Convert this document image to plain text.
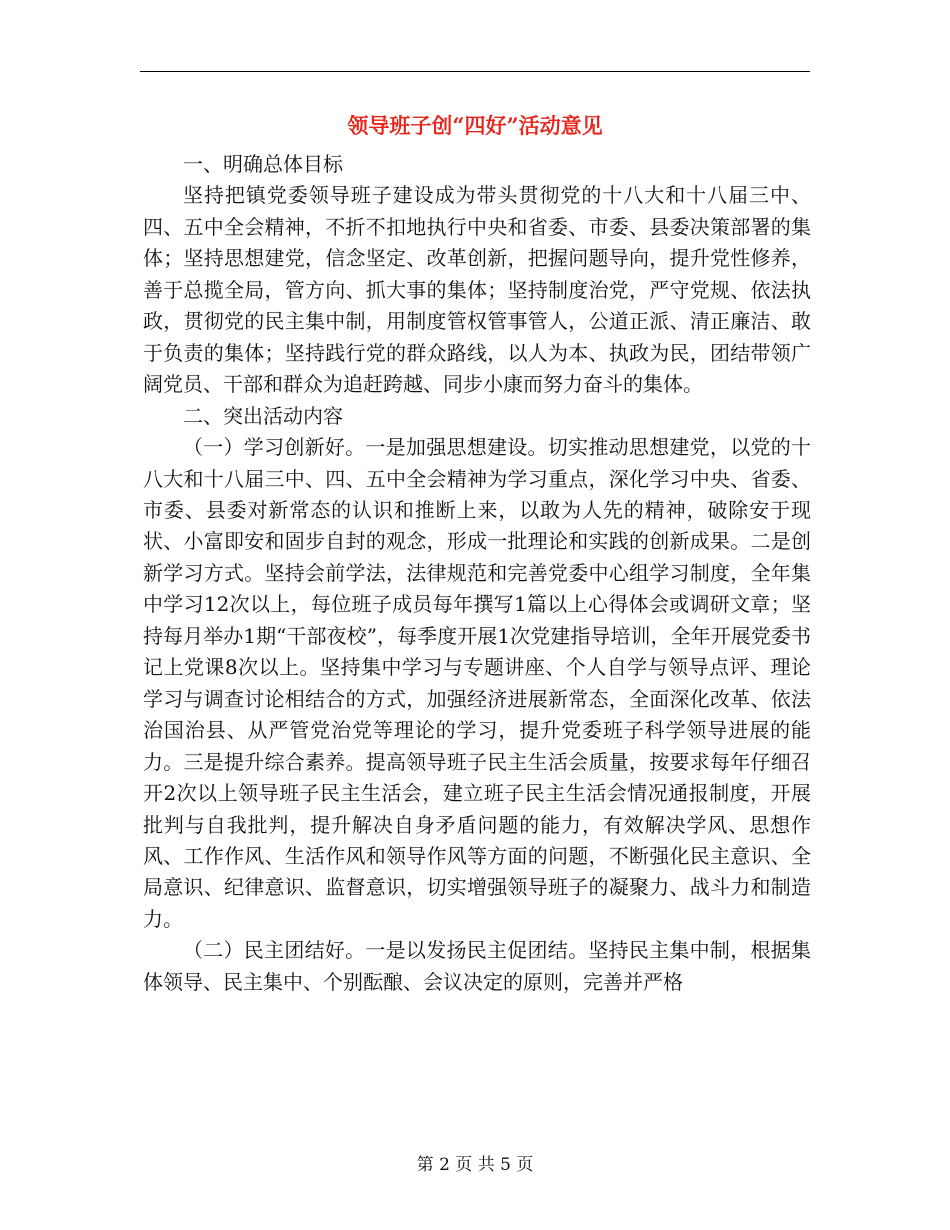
领导班子创“四好”活动意见

一、明确总体目标

坚持把镇党委领导班子建设成为带头贯彻党的十八大和十八届三中、四、五中全会精神，不折不扣地执行中央和省委、市委、县委决策部署的集体；坚持思想建党，信念坚定、改革创新，把握问题导向，提升党性修养，善于总揽全局，管方向、抓大事的集体；坚持制度治党，严守党规、依法执政，贯彻党的民主集中制，用制度管权管事管人，公道正派、清正廉洁、敢于负责的集体；坚持践行党的群众路线，以人为本、执政为民，团结带领广阔党员、干部和群众为追赶跨越、同步小康而努力奋斗的集体。

二、突出活动内容

（一）学习创新好。一是加强思想建设。切实推动思想建党，以党的十八大和十八届三中、四、五中全会精神为学习重点，深化学习中央、省委、市委、县委对新常态的认识和推断上来，以敢为人先的精神，破除安于现状、小富即安和固步自封的观念，形成一批理论和实践的创新成果。二是创新学习方式。坚持会前学法，法律规范和完善党委中心组学习制度，全年集中学习12次以上，每位班子成员每年撰写1篇以上心得体会或调研文章；坚持每月举办1期“干部夜校”，每季度开展1次党建指导培训，全年开展党委书记上党课8次以上。坚持集中学习与专题讲座、个人自学与领导点评、理论学习与调查讨论相结合的方式，加强经济进展新常态，全面深化改革、依法治国治县、从严管党治党等理论的学习，提升党委班子科学领导进展的能力。三是提升综合素养。提高领导班子民主生活会质量，按要求每年仔细召开2次以上领导班子民主生活会，建立班子民主生活会情况通报制度，开展批判与自我批判，提升解决自身矛盾问题的能力，有效解决学风、思想作风、工作作风、生活作风和领导作风等方面的问题，不断强化民主意识、全局意识、纪律意识、监督意识，切实增强领导班子的凝聚力、战斗力和制造力。

（二）民主团结好。一是以发扬民主促团结。坚持民主集中制，根据集体领导、民主集中、个别酝酿、会议决定的原则，完善并严格

第 2 页 共 5 页
